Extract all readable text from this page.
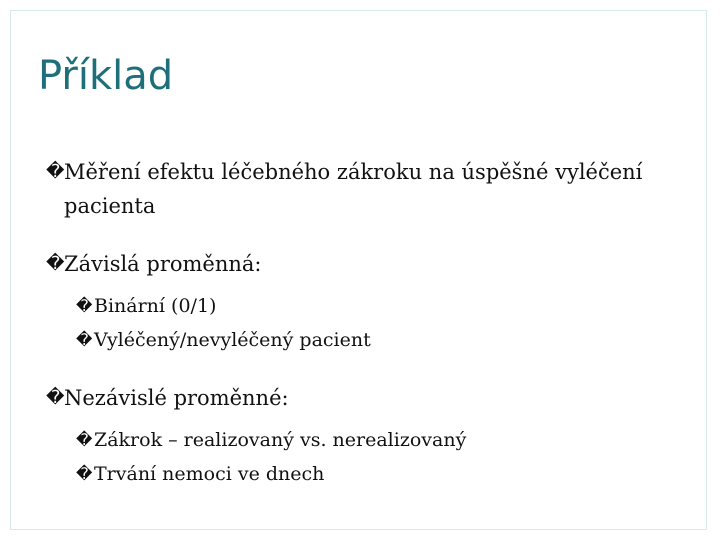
Příklad
� Měření efektu léčebného zákroku na úspěšné vyléčení pacienta
� Závislá proměnná:
� Binární (0/1)
� Vyléčený/nevyléčený pacient
� Nezávislé proměnné:
� Zákrok – realizovaný vs. nerealizovaný
� Trvání nemoci ve dnech
